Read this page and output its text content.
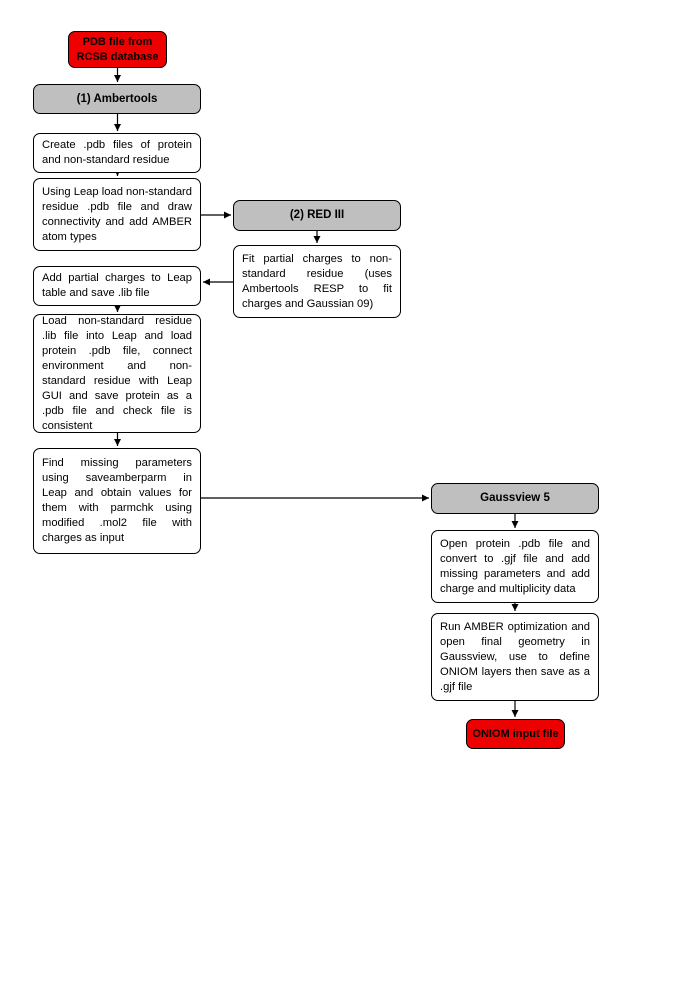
PDB file from RCSB database
(1) Ambertools
Create .pdb files of protein and non-standard residue
Using Leap load non-standard residue .pdb file and draw connectivity and add AMBER atom types
(2) RED III
Fit partial charges to non-standard residue (uses Ambertools RESP to fit charges and Gaussian 09)
Add partial charges to Leap table and save .lib file
Load non-standard residue .lib file into Leap and load protein .pdb file, connect environment and non-standard residue with Leap GUI and save protein as a .pdb file and check file is consistent
Find missing parameters using saveamberparm in Leap and obtain values for them with parmchk using modified .mol2 file with charges as input
Gaussview 5
Open protein .pdb file and convert to .gjf file and add missing parameters and add charge and multiplicity data
Run AMBER optimization and open final geometry in Gaussview, use to define ONIOM layers then save as a .gjf file
ONIOM input file
